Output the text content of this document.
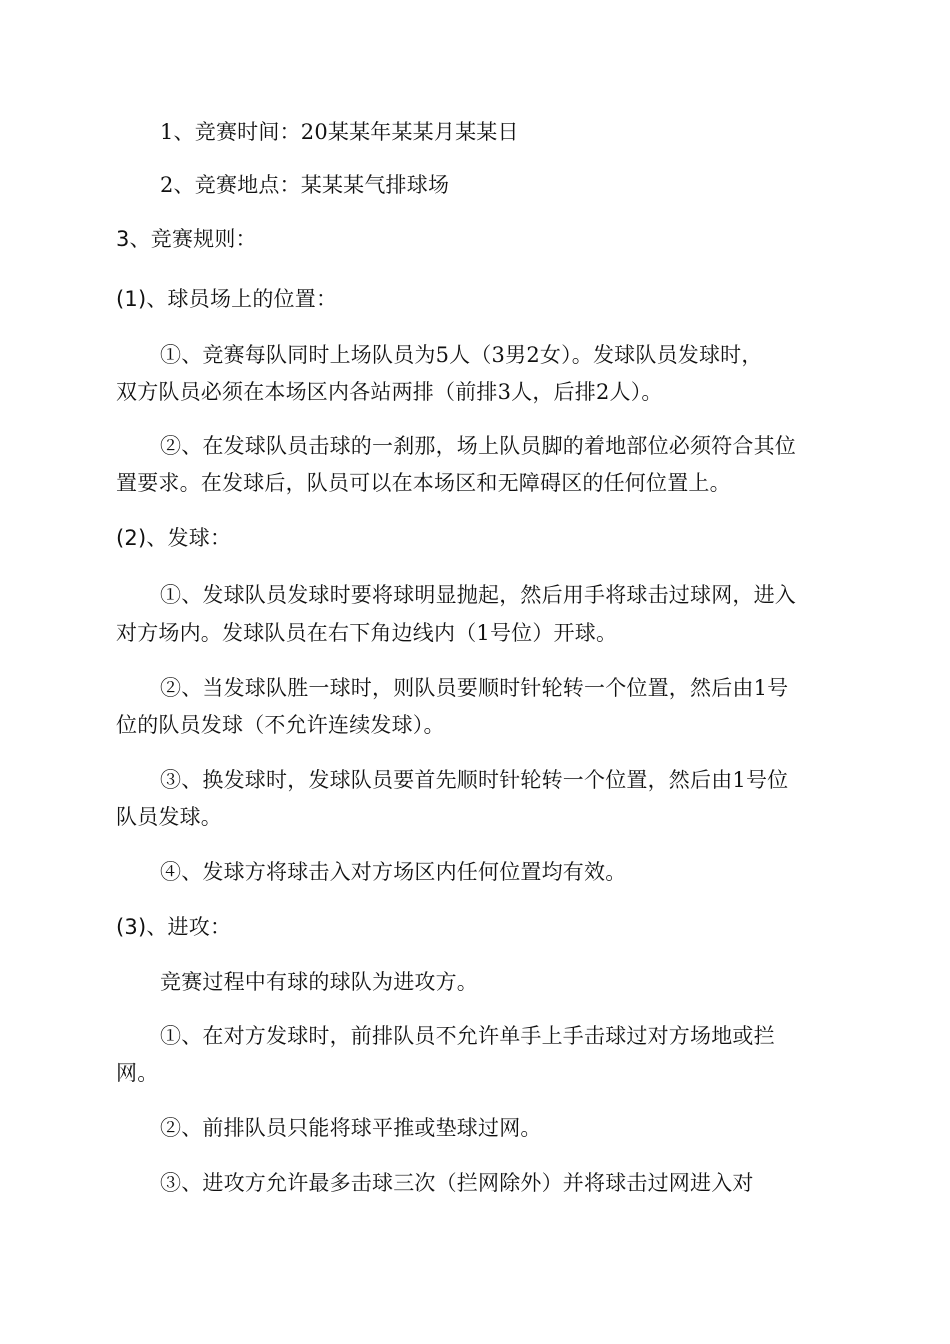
1、竞赛时间：20某某年某某月某某日
2、竞赛地点：某某某气排球场
3、竞赛规则：
(1)、球员场上的位置：
①、竞赛每队同时上场队员为5人（3男2女）。发球队员发球时，
双方队员必须在本场区内各站两排（前排3人，后排2人）。
②、在发球队员击球的一刹那，场上队员脚的着地部位必须符合其位
置要求。在发球后，队员可以在本场区和无障碍区的任何位置上。
(2)、发球：
①、发球队员发球时要将球明显抛起，然后用手将球击过球网，进入
对方场内。发球队员在右下角边线内（1号位）开球。
②、当发球队胜一球时，则队员要顺时针轮转一个位置，然后由1号
位的队员发球（不允许连续发球）。
③、换发球时，发球队员要首先顺时针轮转一个位置，然后由1号位
队员发球。
④、发球方将球击入对方场区内任何位置均有效。
(3)、进攻：
竞赛过程中有球的球队为进攻方。
①、在对方发球时，前排队员不允许单手上手击球过对方场地或拦
网。
②、前排队员只能将球平推或垫球过网。
③、进攻方允许最多击球三次（拦网除外）并将球击过网进入对
